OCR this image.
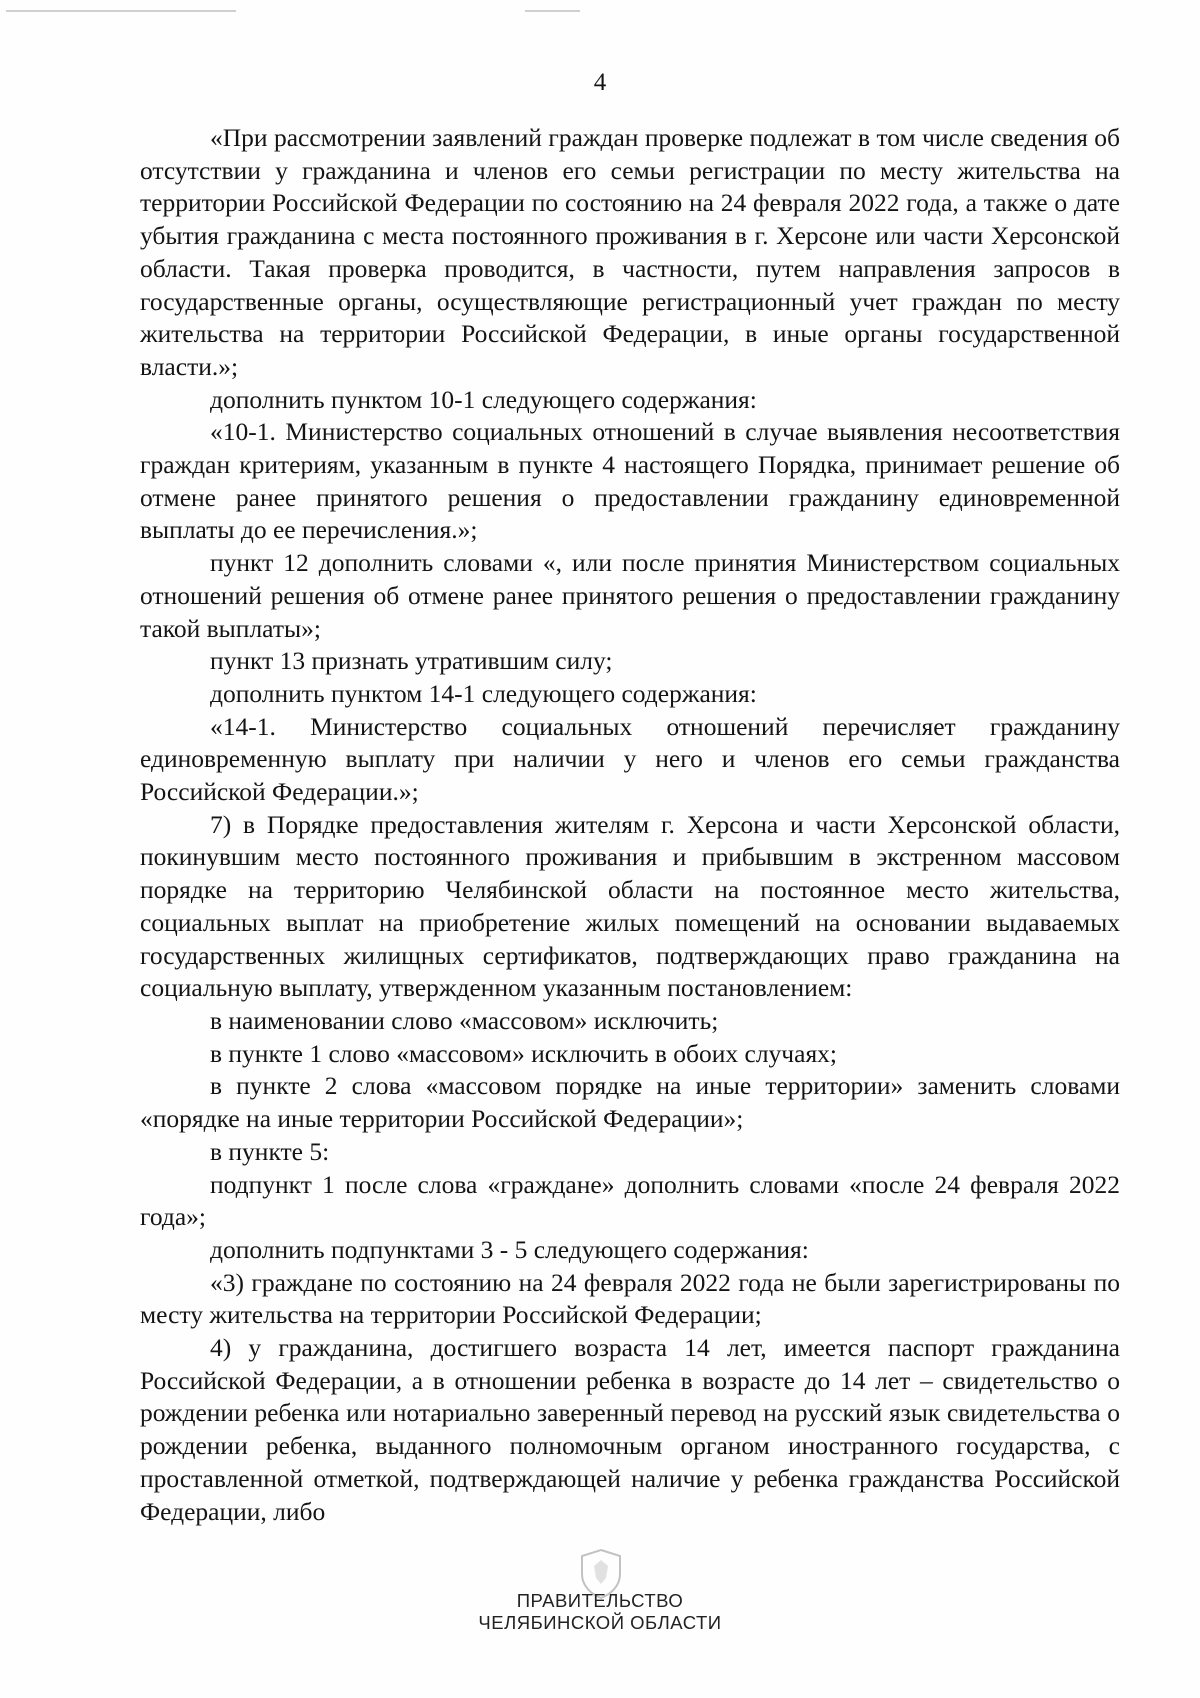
4

«При рассмотрении заявлений граждан проверке подлежат в том числе сведения об отсутствии у гражданина и членов его семьи регистрации по месту жительства на территории Российской Федерации по состоянию на 24 февраля 2022 года, а также о дате убытия гражданина с места постоянного проживания в г. Херсоне или части Херсонской области. Такая проверка проводится, в частности, путем направления запросов в государственные органы, осуществляющие регистрационный учет граждан по месту жительства на территории Российской Федерации, в иные органы государственной власти.»;

дополнить пунктом 10-1 следующего содержания:

«10-1. Министерство социальных отношений в случае выявления несоответствия граждан критериям, указанным в пункте 4 настоящего Порядка, принимает решение об отмене ранее принятого решения о предоставлении гражданину единовременной выплаты до ее перечисления.»;

пункт 12 дополнить словами «, или после принятия Министерством социальных отношений решения об отмене ранее принятого решения о предоставлении гражданину такой выплаты»;

пункт 13 признать утратившим силу;

дополнить пунктом 14-1 следующего содержания:

«14-1. Министерство социальных отношений перечисляет гражданину единовременную выплату при наличии у него и членов его семьи гражданства Российской Федерации.»;

7) в Порядке предоставления жителям г. Херсона и части Херсонской области, покинувшим место постоянного проживания и прибывшим в экстренном массовом порядке на территорию Челябинской области на постоянное место жительства, социальных выплат на приобретение жилых помещений на основании выдаваемых государственных жилищных сертификатов, подтверждающих право гражданина на социальную выплату, утвержденном указанным постановлением:

в наименовании слово «массовом» исключить;

в пункте 1 слово «массовом» исключить в обоих случаях;

в пункте 2 слова «массовом порядке на иные территории» заменить словами «порядке на иные территории Российской Федерации»;

в пункте 5:

подпункт 1 после слова «граждане» дополнить словами «после 24 февраля 2022 года»;

дополнить подпунктами 3 - 5 следующего содержания:

«3) граждане по состоянию на 24 февраля 2022 года не были зарегистрированы по месту жительства на территории Российской Федерации;

4) у гражданина, достигшего возраста 14 лет, имеется паспорт гражданина Российской Федерации, а в отношении ребенка в возрасте до 14 лет – свидетельство о рождении ребенка или нотариально заверенный перевод на русский язык свидетельства о рождении ребенка, выданного полномочным органом иностранного государства, с проставленной отметкой, подтверждающей наличие у ребенка гражданства Российской Федерации, либо

ПРАВИТЕЛЬСТВО
ЧЕЛЯБИНСКОЙ ОБЛАСТИ
